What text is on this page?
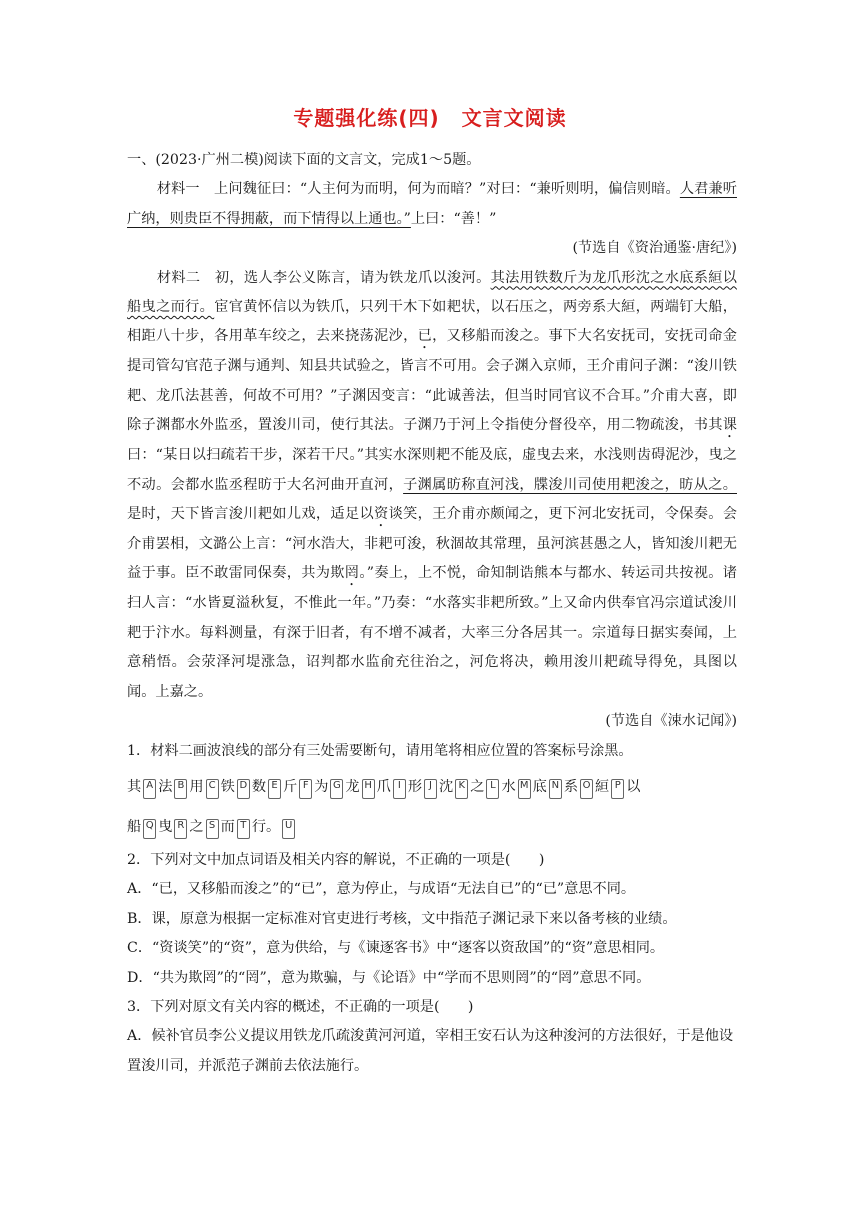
专题强化练(四) 文言文阅读

一、(2023·广州二模)阅读下面的文言文，完成1～5题。

材料一　上问魏征曰：“人主何为而明，何为而暗？”对曰：“兼听则明，偏信则暗。人君兼听广纳，则贵臣不得拥蔽，而下情得以上通也。”上曰：“善！”

(节选自《资治通鉴·唐纪》)

材料二　初，选人李公义陈言，请为铁龙爪以浚河。其法用铁数斤为龙爪形沈之水底系絙以船曳之而行。宦官黄怀信以为铁爪，只列干木下如耙状，以石压之，两旁系大絙，两端钉大船，相距八十步，各用革车绞之，去来挠荡泥沙，已，又移船而浚之。事下大名安抚司，安抚司命金提司管勾官范子渊与通判、知县共试验之，皆言不可用。会子渊入京师，王介甫问子渊：“浚川铁耙、龙爪法甚善，何故不可用？”子渊因变言：“此诚善法，但当时同官议不合耳。”介甫大喜，即除子渊都水外监丞，置浚川司，使行其法。子渊乃于河上令指使分督役卒，用二物疏浚，书其课曰：“某日以扫疏若干步，深若干尺。”其实水深则耙不能及底，虚曳去来，水浅则齿碍泥沙，曳之不动。会都水监丞程昉于大名河曲开直河，子渊属昉称直河浅，牒浚川司使用耙浚之，昉从之。是时，天下皆言浚川耙如儿戏，适足以资谈笑，王介甫亦颇闻之，更下河北安抚司，令保奏。会介甫罢相，文潞公上言：“河水浩大，非耙可浚，秋涸故其常理，虽河滨甚愚之人，皆知浚川耙无益于事。臣不敢雷同保奏，共为欺罔。”奏上，上不悦，命知制诰熊本与都水、转运司共按视。诸扫人言：“水皆夏溢秋复，不惟此一年。”乃奏：“水落实非耙所致。”上又命内供奉官冯宗道试浚川耙于汴水。每料测量，有深于旧者，有不增不减者，大率三分各居其一。宗道每日据实奏闻，上意稍悟。会荥泽河堤涨急，诏判都水监俞充往治之，河危将决，赖用浚川耙疏导得免，具图以闻。上嘉之。

(节选自《涑水记闻》)

1．材料二画波浪线的部分有三处需要断句，请用笔将相应位置的答案标号涂黑。

其 A 法 B 用 C 铁 D 数 E 斤 F 为 G 龙 H 爪 I 形 J 沈 K 之 L 水 M 底 N 系 O 絙 P 以
船 Q 曳 R 之 S 而 T 行。 U

2．下列对文中加点词语及相关内容的解说，不正确的一项是(　　)

A．“已，又移船而浚之”的“已”，意为停止，与成语“无法自已”的“已”意思不同。

B．课，原意为根据一定标准对官吏进行考核，文中指范子渊记录下来以备考核的业绩。

C．“资谈笑”的“资”，意为供给，与《谏逐客书》中“逐客以资敌国”的“资”意思相同。

D．“共为欺罔”的“罔”，意为欺骗，与《论语》中“学而不思则罔”的“罔”意思不同。

3．下列对原文有关内容的概述，不正确的一项是(　　)

A．候补官员李公义提议用铁龙爪疏浚黄河河道，宰相王安石认为这种浚河的方法很好，于是他设置浚川司，并派范子渊前去依法施行。
